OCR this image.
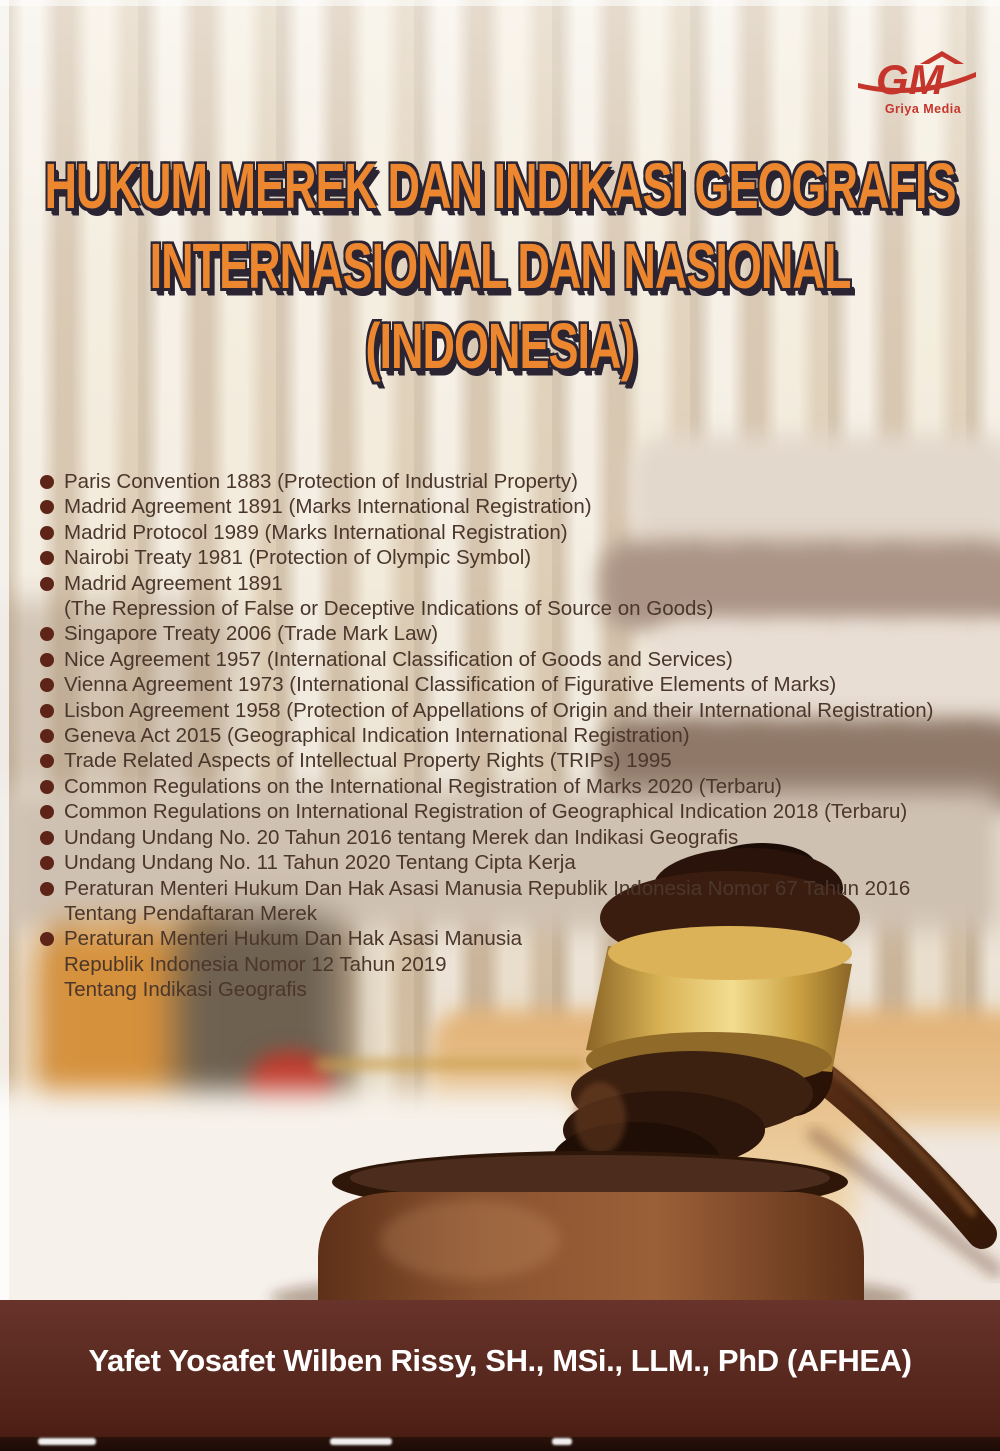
GM
Griya Media
HUKUM MEREK DAN INDIKASI GEOGRAFIS
INTERNASIONAL DAN NASIONAL
(INDONESIA)
Paris Convention 1883 (Protection of Industrial Property)
Madrid Agreement 1891 (Marks International Registration)
Madrid Protocol 1989 (Marks International Registration)
Nairobi Treaty 1981 (Protection of Olympic Symbol)
Madrid Agreement 1891
(The Repression of False or Deceptive Indications of Source on Goods)
Singapore Treaty 2006 (Trade Mark Law)
Nice Agreement 1957 (International Classification of Goods and Services)
Vienna Agreement 1973 (International Classification of Figurative Elements of Marks)
Lisbon Agreement 1958 (Protection of Appellations of Origin and their International Registration)
Geneva Act 2015 (Geographical Indication International Registration)
Trade Related Aspects of Intellectual Property Rights (TRIPs) 1995
Common Regulations on the International Registration of Marks 2020 (Terbaru)
Common Regulations on International Registration of Geographical Indication 2018 (Terbaru)
Undang Undang No. 20 Tahun 2016 tentang Merek dan Indikasi Geografis
Undang Undang No. 11 Tahun 2020 Tentang Cipta Kerja
Peraturan Menteri Hukum Dan Hak Asasi Manusia Republik Indonesia Nomor 67 Tahun 2016
Tentang Pendaftaran Merek
Peraturan Menteri Hukum Dan Hak Asasi Manusia
Republik Indonesia Nomor 12 Tahun 2019
Tentang Indikasi Geografis
Yafet Yosafet Wilben Rissy, SH., MSi., LLM., PhD (AFHEA)
